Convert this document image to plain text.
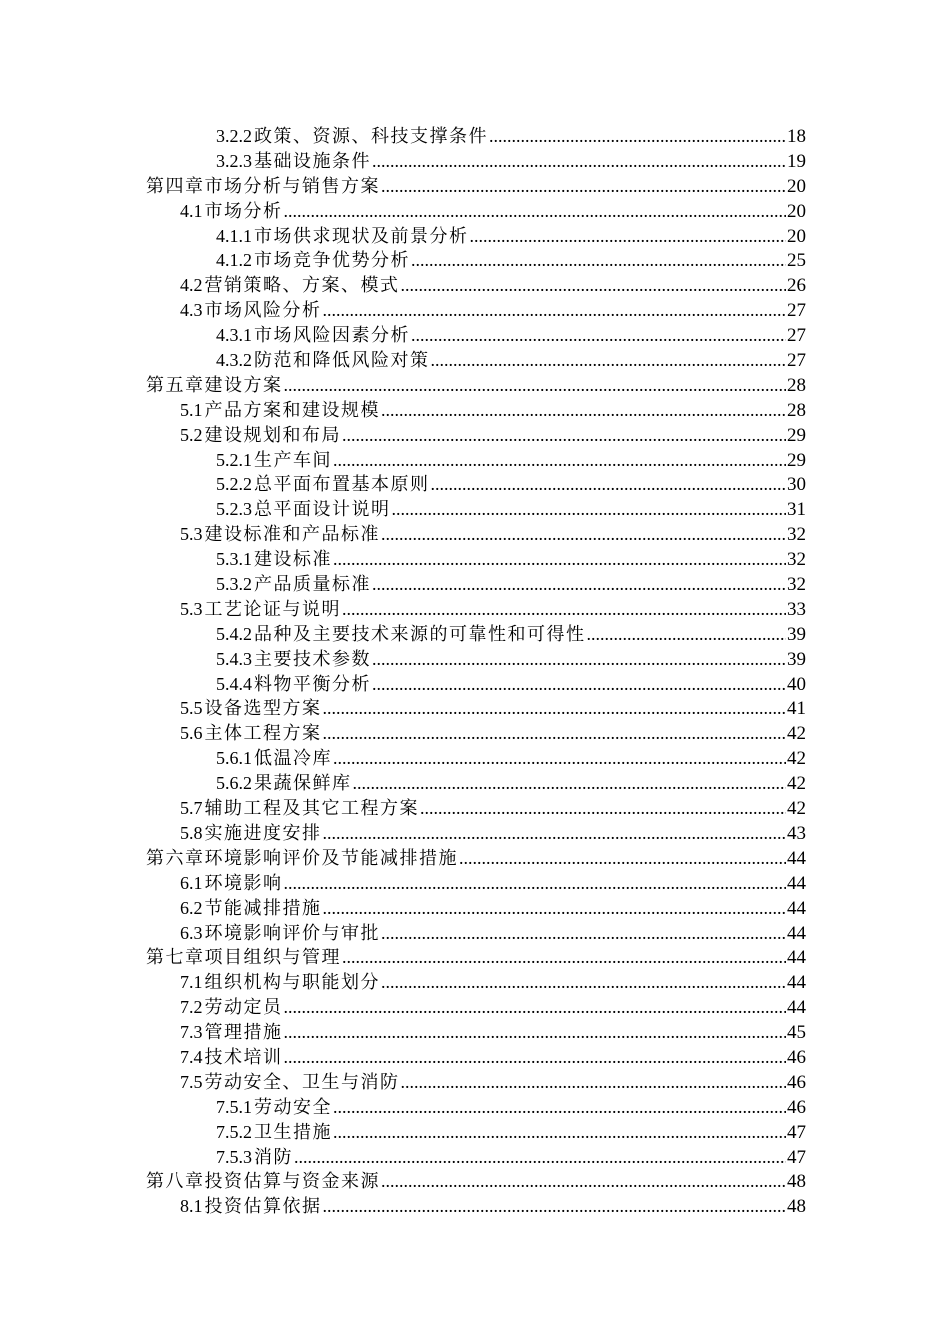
3.2.2 政策、资源、科技支撑条件 .....	18
3.2.3 基础设施条件 .....	19
第四章市场分析与销售方案 .....	20
4.1 市场分析 .....	20
4.1.1 市场供求现状及前景分析 .....	20
4.1.2 市场竞争优势分析 .....	25
4.2 营销策略、方案、模式 .....	26
4.3 市场风险分析 .....	27
4.3.1 市场风险因素分析 .....	27
4.3.2 防范和降低风险对策 .....	27
第五章建设方案 .....	28
5.1 产品方案和建设规模 .....	28
5.2 建设规划和布局 .....	29
5.2.1 生产车间 .....	29
5.2.2 总平面布置基本原则 .....	30
5.2.3 总平面设计说明 .....	31
5.3 建设标准和产品标准 .....	32
5.3.1 建设标准 .....	32
5.3.2 产品质量标准 .....	32
5.3 工艺论证与说明 .....	33
5.4.2 品种及主要技术来源的可靠性和可得性 .....	39
5.4.3 主要技术参数 .....	39
5.4.4 料物平衡分析 .....	40
5.5 设备选型方案 .....	41
5.6 主体工程方案 .....	42
5.6.1 低温冷库 .....	42
5.6.2 果蔬保鲜库 .....	42
5.7 辅助工程及其它工程方案 .....	42
5.8 实施进度安排 .....	43
第六章环境影响评价及节能减排措施 .....	44
6.1 环境影响 .....	44
6.2 节能减排措施 .....	44
6.3 环境影响评价与审批 .....	44
第七章项目组织与管理 .....	44
7.1 组织机构与职能划分 .....	44
7.2 劳动定员 .....	44
7.3 管理措施 .....	45
7.4 技术培训 .....	46
7.5 劳动安全、卫生与消防 .....	46
7.5.1 劳动安全 .....	46
7.5.2 卫生措施 .....	47
7.5.3 消防 .....	47
第八章投资估算与资金来源 .....	48
8.1 投资估算依据 .....	48
